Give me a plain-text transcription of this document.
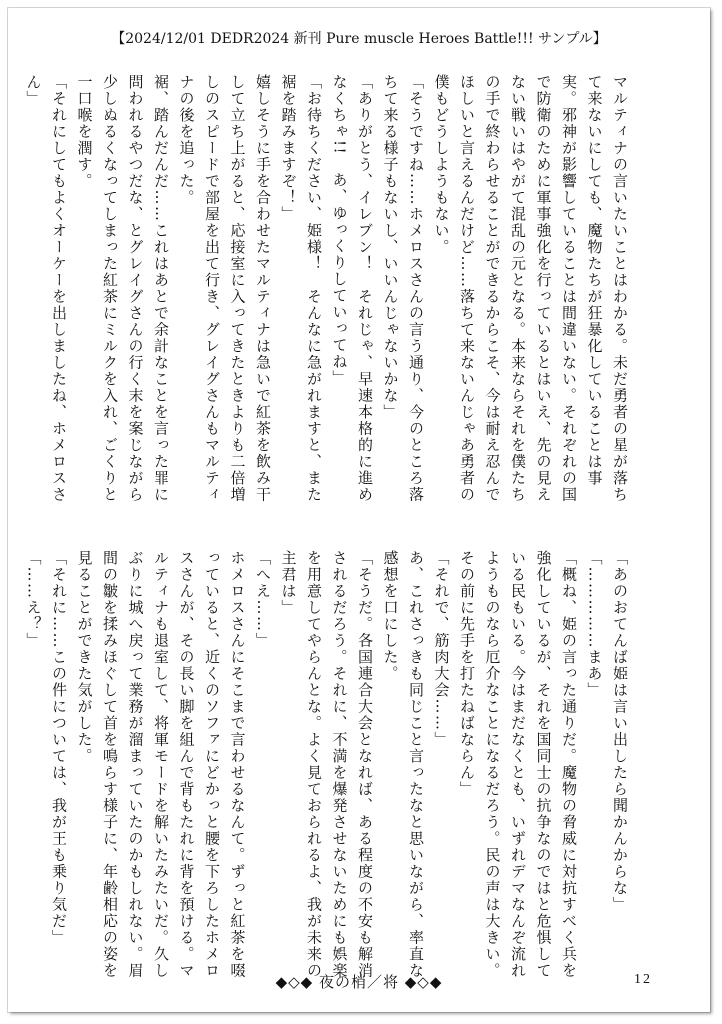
【2024/12/01 DEDR2024 新刊 Pure muscle Heroes Battle!!! サンプル】

マルティナの言いたいことはわかる。未だ勇者の星が落ちて来ないにしても、魔物たちが狂暴化していることは事実。邪神が影響していることは間違いない。それぞれの国で防衛のために軍事強化を行っているとはいえ、先の見えない戦いはやがて混乱の元となる。本来ならそれを僕たちの手で終わらせることができるからこそ、今は耐え忍んでほしいと言えるんだけど……落ちて来ないんじゃあ勇者の僕もどうしようもない。

「そうですね……ホメロスさんの言う通り、今のところ落ちて来る様子もないし、いいんじゃないかな」

「ありがとう、イレブン！　それじゃ、早速本格的に進めなくちゃ!!　あ、ゆっくりしていってね」

「お待ちください、姫様！　そんなに急がれますと、また裾を踏みますぞ！」

嬉しそうに手を合わせたマルティナは急いで紅茶を飲み干して立ち上がると、応接室に入ってきたときよりも二倍増しのスピードで部屋を出て行き、グレイグさんもマルティナの後を追った。

裾、踏んだんだ……これはあとで余計なことを言った罪に問われるやつだな、とグレイグさんの行く末を案じながら少しぬるくなってしまった紅茶にミルクを入れ、ごくりと一口喉を潤す。

「それにしてもよくオーケーを出しましたね、ホメロスさん」

「あのおてんば姫は言い出したら聞かんからな」

「……………まあ」

「概ね、姫の言った通りだ。魔物の脅威に対抗すべく兵を強化しているが、それを国同士の抗争なのではと危惧している民もいる。今はまだなくとも、いずれデマなんぞ流れようものなら厄介なことになるだろう。民の声は大きい。その前に先手を打たねばならん」

「それで、筋肉大会……」

あ、これさっきも同じこと言ったなと思いながら、率直な感想を口にした。

「そうだ。各国連合大会となれば、ある程度の不安も解消されるだろう。それに、不満を爆発させないためにも娯楽を用意してやらんとな。よく見ておられるよ、我が未来の主君は」

「へえ……」

ホメロスさんにそこまで言わせるなんて。ずっと紅茶を啜っていると、近くのソファにどかっと腰を下ろしたホメロスさんが、その長い脚を組んで背もたれに背を預ける。マルティナも退室して、将軍モードを解いたみたいだ。久しぶりに城へ戻って業務が溜まっていたのかもしれない。眉間の皺を揉みほぐして首を鳴らす様子に、年齢相応の姿を見ることができた気がした。

「それに……この件については、我が王も乗り気だ」

「……え？」

◆◇◆ 夜の梢／将 ◆◇◆	12
